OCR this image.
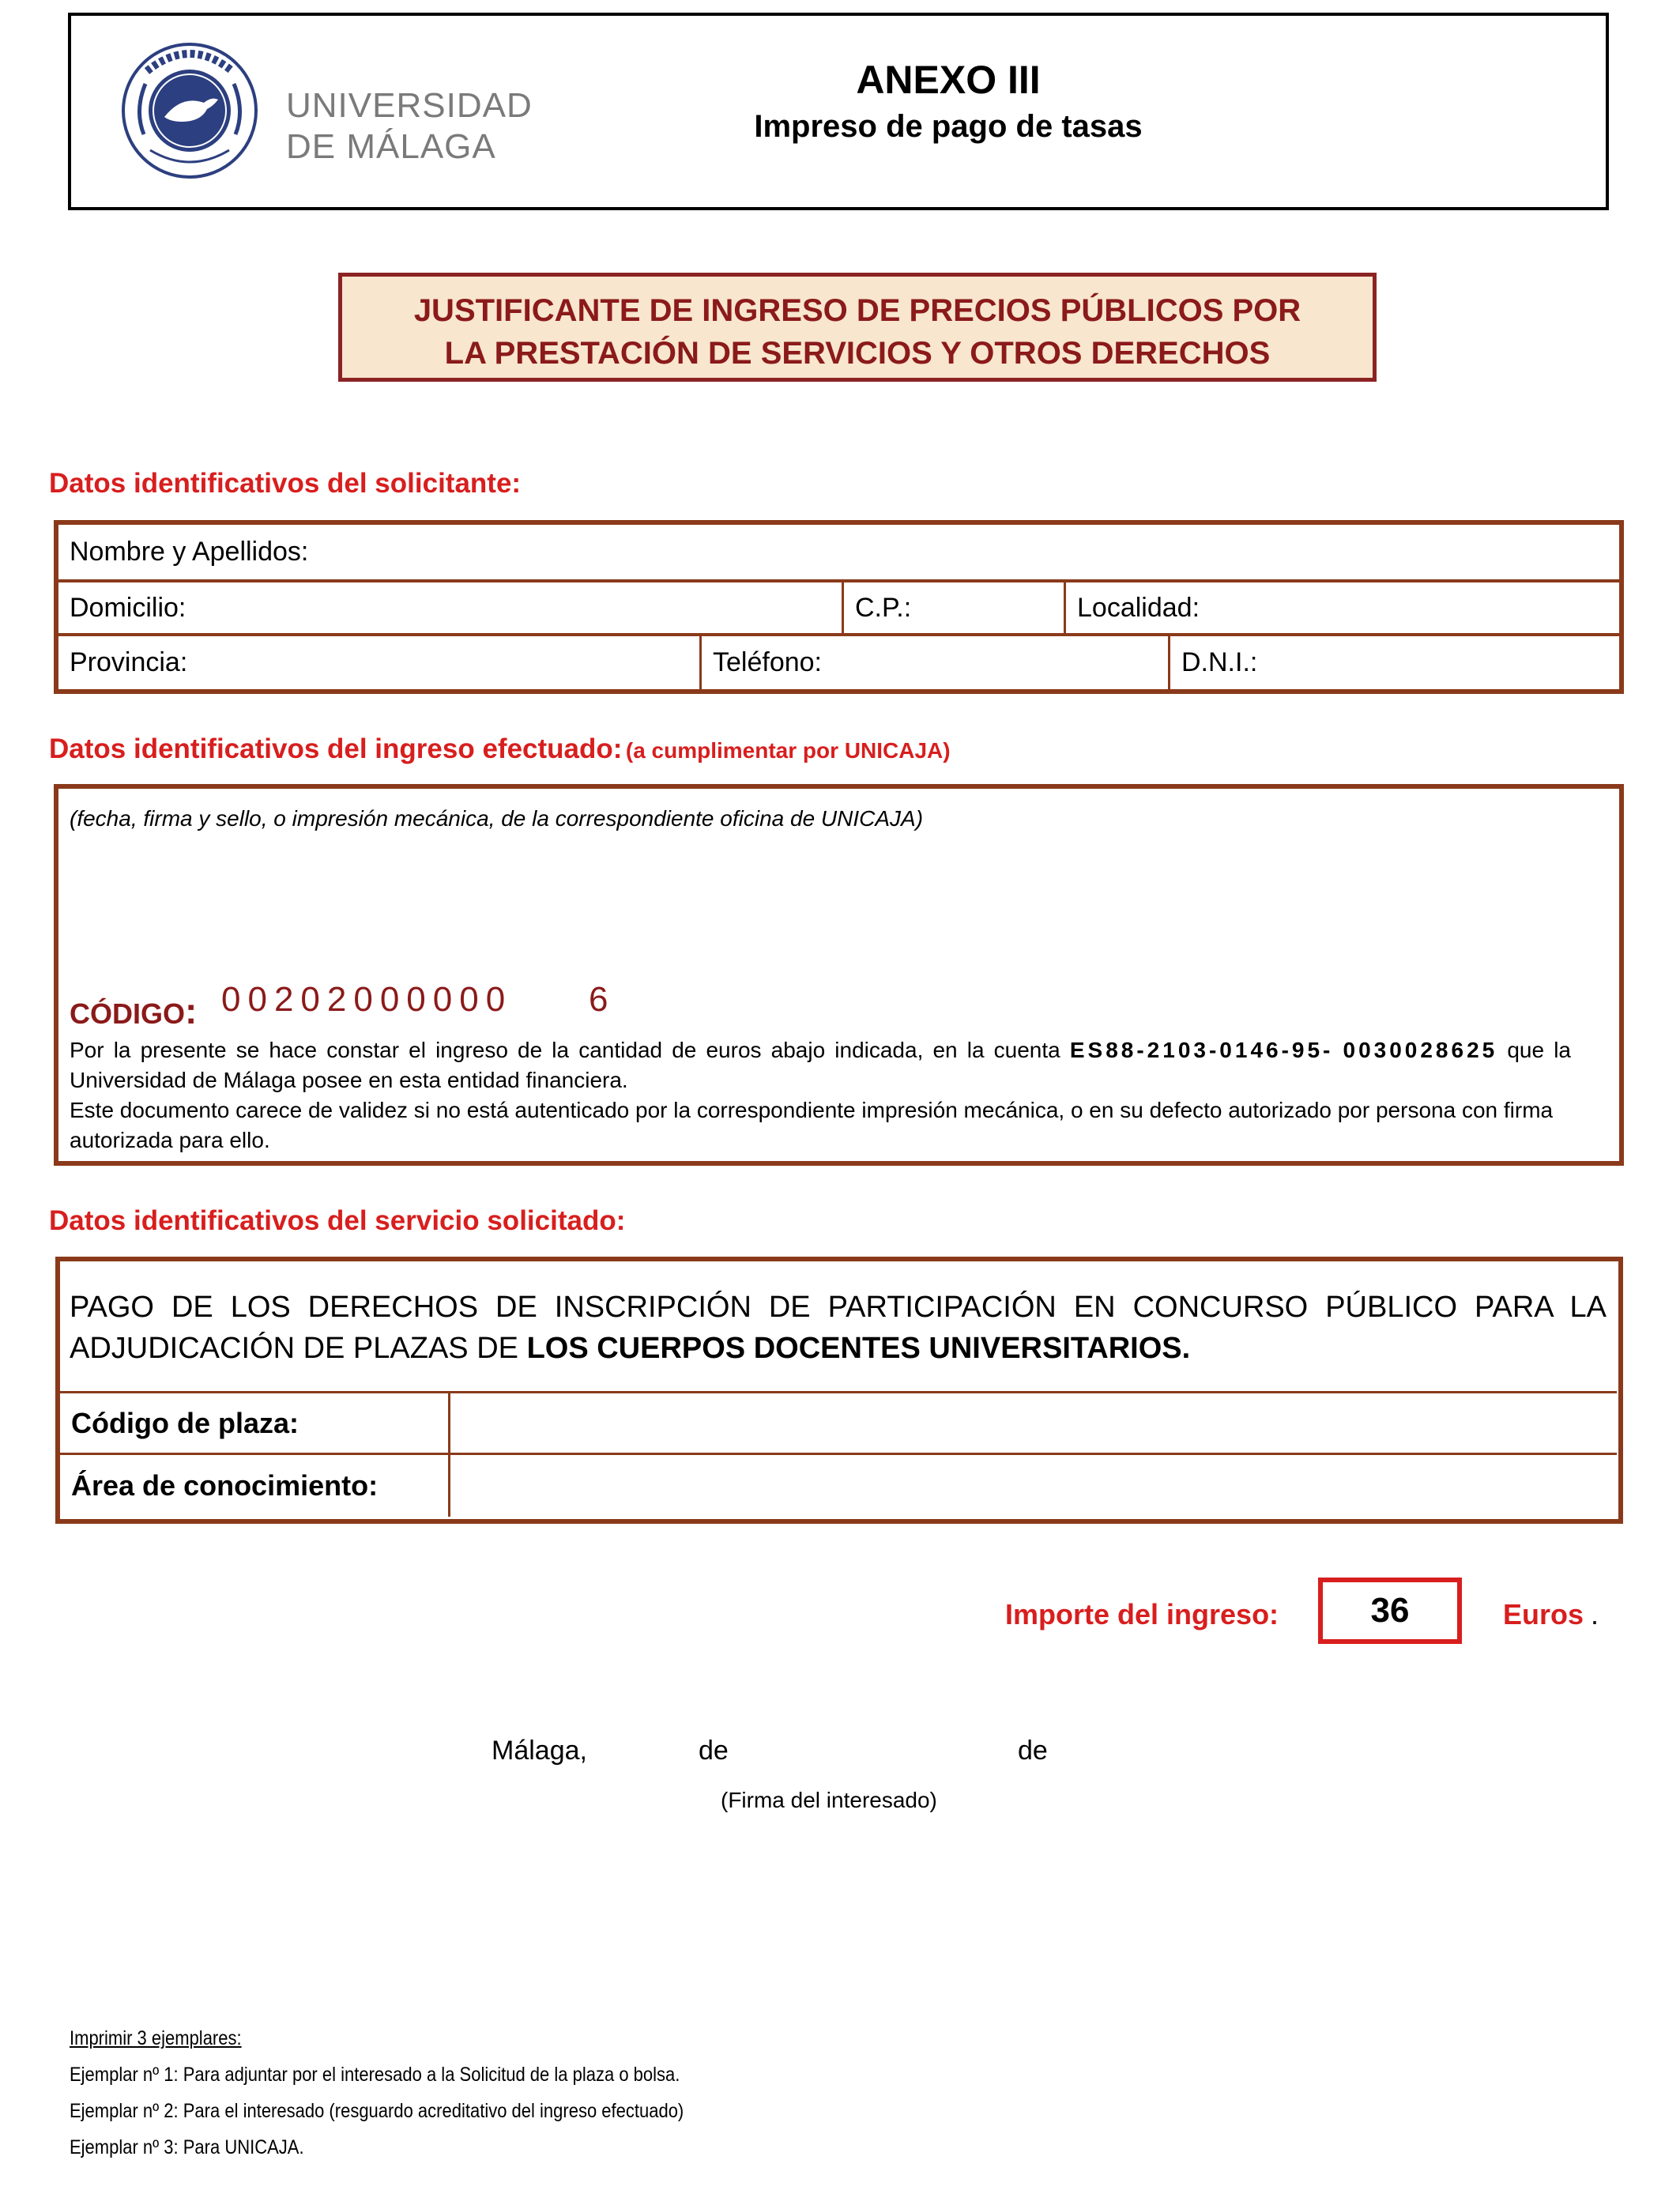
UNIVERSIDAD
DE MÁLAGA
ANEXO III
Impreso de pago de tasas
JUSTIFICANTE DE INGRESO DE PRECIOS PÚBLICOS POR
LA PRESTACIÓN DE SERVICIOS Y OTROS DERECHOS
Datos identificativos del solicitante:
Nombre y Apellidos:
Domicilio:	C.P.:	Localidad:
Provincia:	Teléfono:	D.N.I.:
Datos identificativos del ingreso efectuado: (a cumplimentar por UNICAJA)
(fecha, firma y sello, o impresión mecánica, de la correspondiente oficina de UNICAJA)
CÓDIGO: 00202000000 6
Por la presente se hace constar el ingreso de la cantidad de euros abajo indicada, en la cuenta ES88-2103-0146-95- 0030028625 que la Universidad de Málaga posee en esta entidad financiera.
Este documento carece de validez si no está autenticado por la correspondiente impresión mecánica, o en su defecto autorizado por persona con firma autorizada para ello.
Datos identificativos del servicio solicitado:
PAGO DE LOS DERECHOS DE INSCRIPCIÓN DE PARTICIPACIÓN EN CONCURSO PÚBLICO PARA LA ADJUDICACIÓN DE PLAZAS DE LOS CUERPOS DOCENTES UNIVERSITARIOS.
Código de plaza:
Área de conocimiento:
Importe del ingreso:	36	Euros .
Málaga,	de	de
(Firma del interesado)
Imprimir 3 ejemplares:
Ejemplar nº 1: Para adjuntar por el interesado a la Solicitud de la plaza o bolsa.
Ejemplar nº 2: Para el interesado (resguardo acreditativo del ingreso efectuado)
Ejemplar nº 3: Para UNICAJA.
